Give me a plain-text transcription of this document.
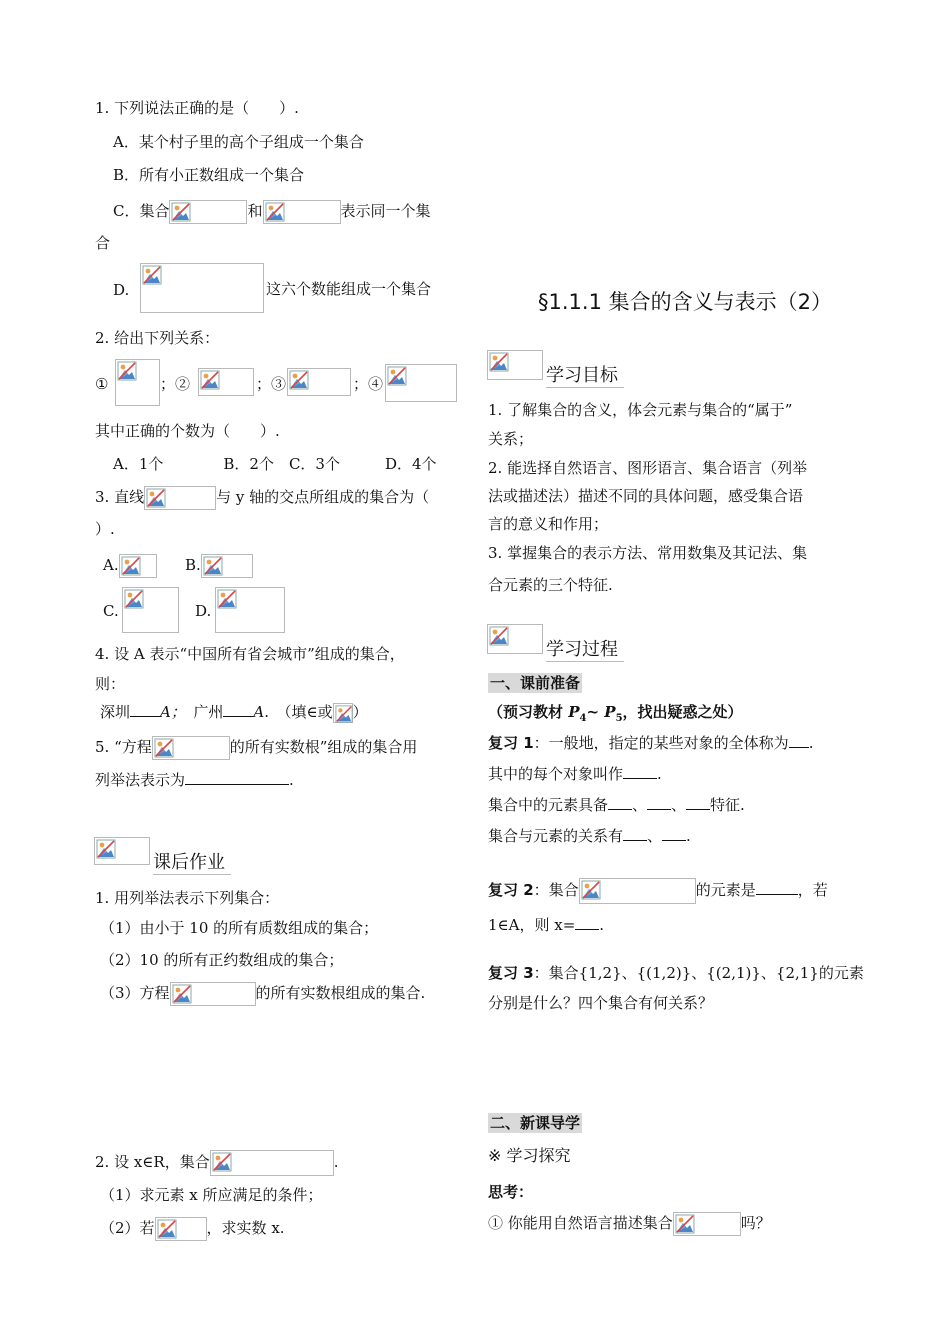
1. 下列说法正确的是（　　）.
A．某个村子里的高个子组成一个集合
B．所有小正数组成一个集合
C．集合	和	表示同一个集
合
D.	这六个数能组成一个集合
2. 给出下列关系：
①	；②	；③	；④
其中正确的个数为（　　）.
A．1个　　　　B．2个　C．3个　　　D．4个
3. 直线	与 y 轴的交点所组成的集合为（
）.
A.	B.
C.	D.
4. 设 A 表示“中国所有省会城市”组成的集合，
则：
深圳 A；　 广州 A.　 （填∈或 ）
5. “方程	的所有实数根”组成的集合用
列举法表示为	.
课后作业
1. 用列举法表示下列集合：
（1）由小于 10 的所有质数组成的集合；
（2）10 的所有正约数组成的集合；
（3）方程	的所有实数根组成的集合.
2. 设 x∈R，集合	.
（1）求元素 x 所应满足的条件；
（2）若	，求实数 x.
§1.1.1 集合的含义与表示（2）
学习目标
1. 了解集合的含义，体会元素与集合的“属于”
关系；
2. 能选择自然语言、图形语言、集合语言（列举
法或描述法）描述不同的具体问题，感受集合语
言的意义和作用；
3. 掌握集合的表示方法、常用数集及其记法、集
合元素的三个特征.
学习过程
一、课前准备
（预习教材 $P_4\sim$ $P_5$，找出疑惑之处）
复习 1：一般地，指定的某些对象的全体称为 .
其中的每个对象叫作 .
集合中的元素具备 、 、 特征.
集合与元素的关系有 、 .
复习 2：集合	的元素是	，若
1∈A，则 x= .
复习 3：集合{1,2}、{(1,2)}、{(2,1)}、{2,1}的元素
分别是什么？四个集合有何关系？
二、新课导学
※ 学习探究
思考：
① 你能用自然语言描述集合	吗？
